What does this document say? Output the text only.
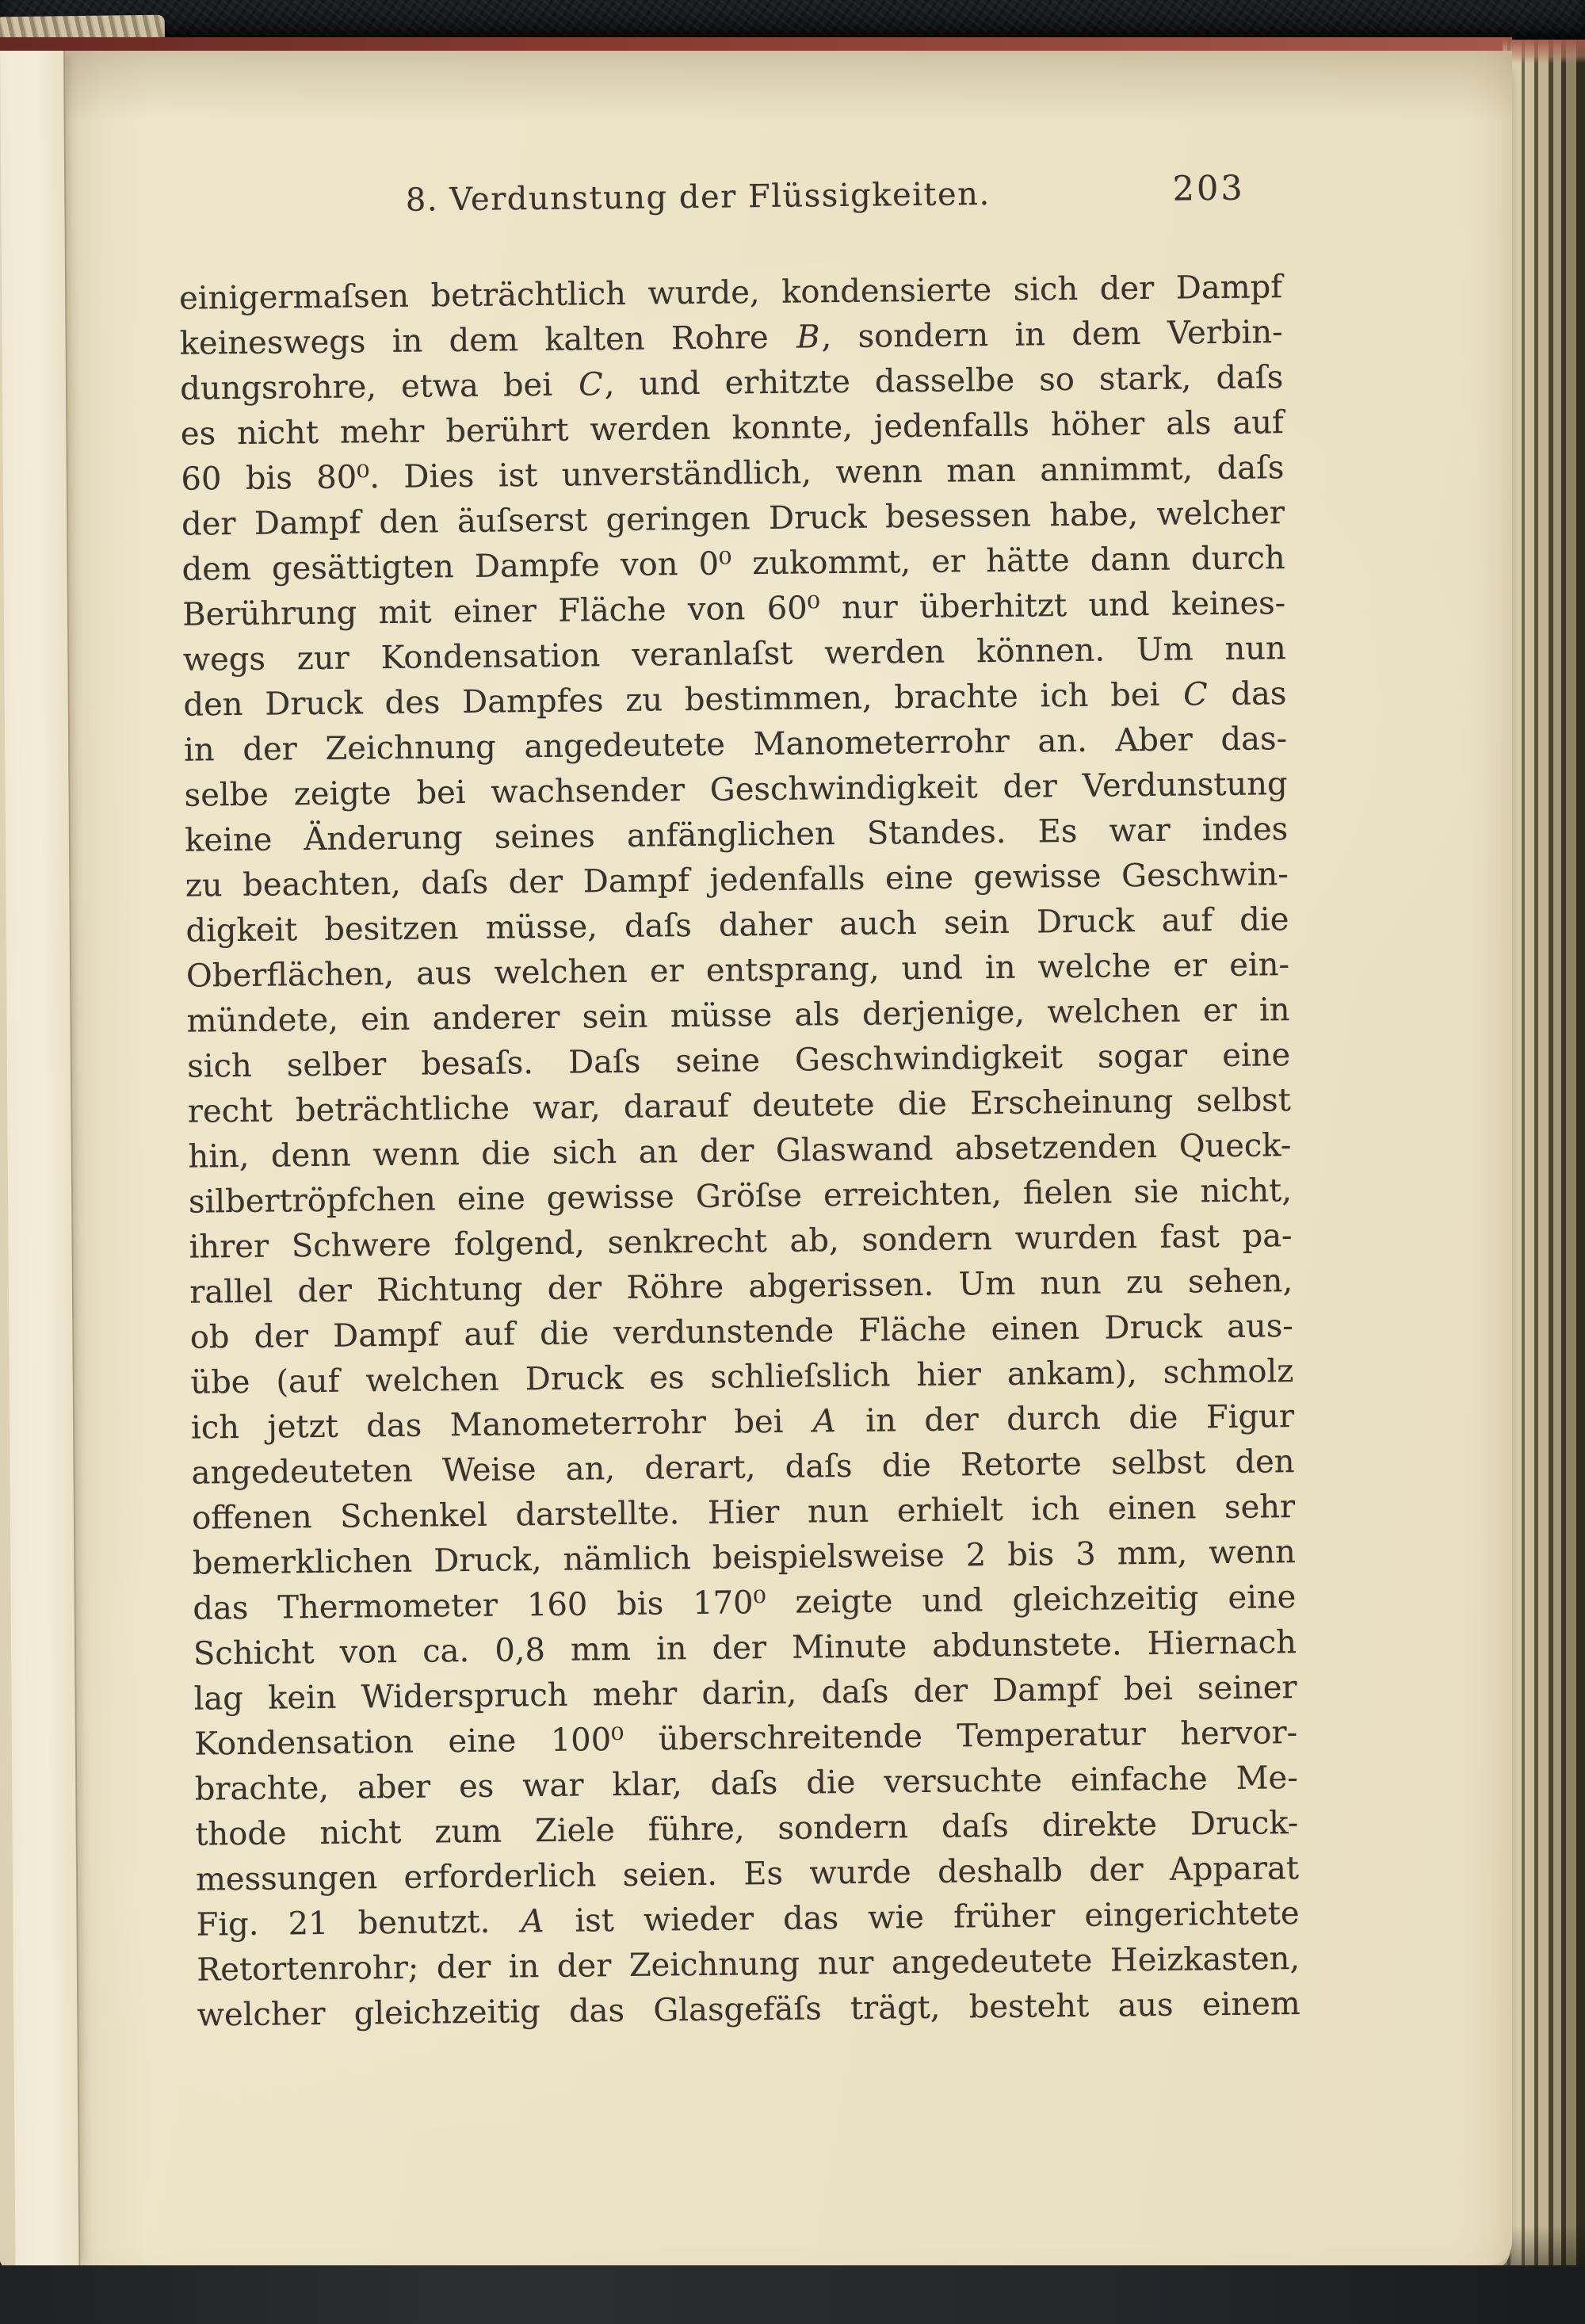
8. Verdunstung der Flüssigkeiten.	203
einigermaſsen beträchtlich wurde, kondensierte sich der Dampf
keineswegs in dem kalten Rohre B, sondern in dem Verbin-
dungsrohre, etwa bei C, und erhitzte dasselbe so stark, daſs
es nicht mehr berührt werden konnte, jedenfalls höher als auf
60 bis 80⁰. Dies ist unverständlich, wenn man annimmt, daſs
der Dampf den äuſserst geringen Druck besessen habe, welcher
dem gesättigten Dampfe von 0⁰ zukommt, er hätte dann durch
Berührung mit einer Fläche von 60⁰ nur überhitzt und keines-
wegs zur Kondensation veranlaſst werden können. Um nun
den Druck des Dampfes zu bestimmen, brachte ich bei C das
in der Zeichnung angedeutete Manometerrohr an. Aber das-
selbe zeigte bei wachsender Geschwindigkeit der Verdunstung
keine Änderung seines anfänglichen Standes. Es war indes
zu beachten, daſs der Dampf jedenfalls eine gewisse Geschwin-
digkeit besitzen müsse, daſs daher auch sein Druck auf die
Oberflächen, aus welchen er entsprang, und in welche er ein-
mündete, ein anderer sein müsse als derjenige, welchen er in
sich selber besaſs. Daſs seine Geschwindigkeit sogar eine
recht beträchtliche war, darauf deutete die Erscheinung selbst
hin, denn wenn die sich an der Glaswand absetzenden Queck-
silbertröpfchen eine gewisse Gröſse erreichten, fielen sie nicht,
ihrer Schwere folgend, senkrecht ab, sondern wurden fast pa-
rallel der Richtung der Röhre abgerissen. Um nun zu sehen,
ob der Dampf auf die verdunstende Fläche einen Druck aus-
übe (auf welchen Druck es schlieſslich hier ankam), schmolz
ich jetzt das Manometerrohr bei A in der durch die Figur
angedeuteten Weise an, derart, daſs die Retorte selbst den
offenen Schenkel darstellte. Hier nun erhielt ich einen sehr
bemerklichen Druck, nämlich beispielsweise 2 bis 3 mm, wenn
das Thermometer 160 bis 170⁰ zeigte und gleichzeitig eine
Schicht von ca. 0,8 mm in der Minute abdunstete. Hiernach
lag kein Widerspruch mehr darin, daſs der Dampf bei seiner
Kondensation eine 100⁰ überschreitende Temperatur hervor-
brachte, aber es war klar, daſs die versuchte einfache Me-
thode nicht zum Ziele führe, sondern daſs direkte Druck-
messungen erforderlich seien. Es wurde deshalb der Apparat
Fig. 21 benutzt. A ist wieder das wie früher eingerichtete
Retortenrohr; der in der Zeichnung nur angedeutete Heizkasten,
welcher gleichzeitig das Glasgefäſs trägt, besteht aus einem
